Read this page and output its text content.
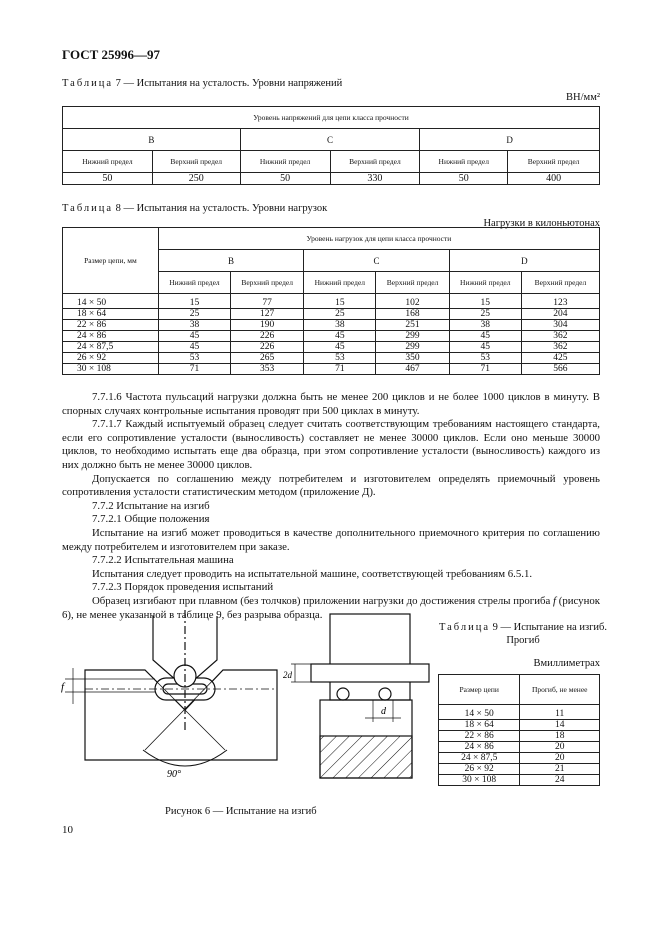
ГОСТ 25996—97
Таблица 7 — Испытания на усталость. Уровни напряжений
ВН/мм²
Уровень напряжений для цепи класса прочности					
B		C		D	
Нижний предел	Верхний предел	Нижний предел	Верхний предел	Нижний предел	Верхний предел
50	250	50	330	50	400
Таблица 8 — Испытания на усталость. Уровни нагрузок
Нагрузки в килоньютонах
Размер цепи, мм	Уровень нагрузок для цепи класса прочности					
	B		C		D	
	Нижний предел	Верхний предел	Нижний предел	Верхний предел	Нижний предел	Верхний предел
14 × 50	15	77	15	102	15	123
18 × 64	25	127	25	168	25	204
22 × 86	38	190	38	251	38	304
24 × 86	45	226	45	299	45	362
24 × 87,5	45	226	45	299	45	362
26 × 92	53	265	53	350	53	425
30 × 108	71	353	71	467	71	566

7.7.1.6 Частота пульсаций нагрузки должна быть не менее 200 циклов и не более 1000 циклов в минуту. В спорных случаях контрольные испытания проводят при 500 циклах в минуту.

7.7.1.7 Каждый испытуемый образец следует считать соответствующим требованиям настоящего стандарта, если его сопротивление усталости (выносливость) составляет не менее 30000 циклов. Если оно меньше 30000 циклов, то необходимо испытать еще два образца, при этом сопротивление усталости (выносливость) каждого из них должно быть не менее 30000 циклов.

Допускается по соглашению между потребителем и изготовителем определять приемочный уровень сопротивления усталости статистическим методом (приложение Д).

7.7.2 Испытание на изгиб

7.7.2.1 Общие положения

Испытание на изгиб может проводиться в качестве дополнительного приемочного критерия по соглашению между потребителем и изготовителем при заказе.

7.7.2.2 Испытательная машина

Испытания следует проводить на испытательной машине, соответствующей требованиям 6.5.1.

7.7.2.3 Порядок проведения испытаний

Образец изгибают при плавном (без толчков) приложении нагрузки до достижения стрелы прогиба f (рисунок 6), не менее указанной в таблице 9, без разрыва образца.

90°
f
d
2d
Рисунок 6 — Испытание на изгиб
Таблица 9 — Испытание на изгиб. Прогиб
Вмиллиметрах
Размер цепи	Прогиб, не менее
14 × 50	11
18 × 64	14
22 × 86	18
24 × 86	20
24 × 87,5	20
26 × 92	21
30 × 108	24

10
